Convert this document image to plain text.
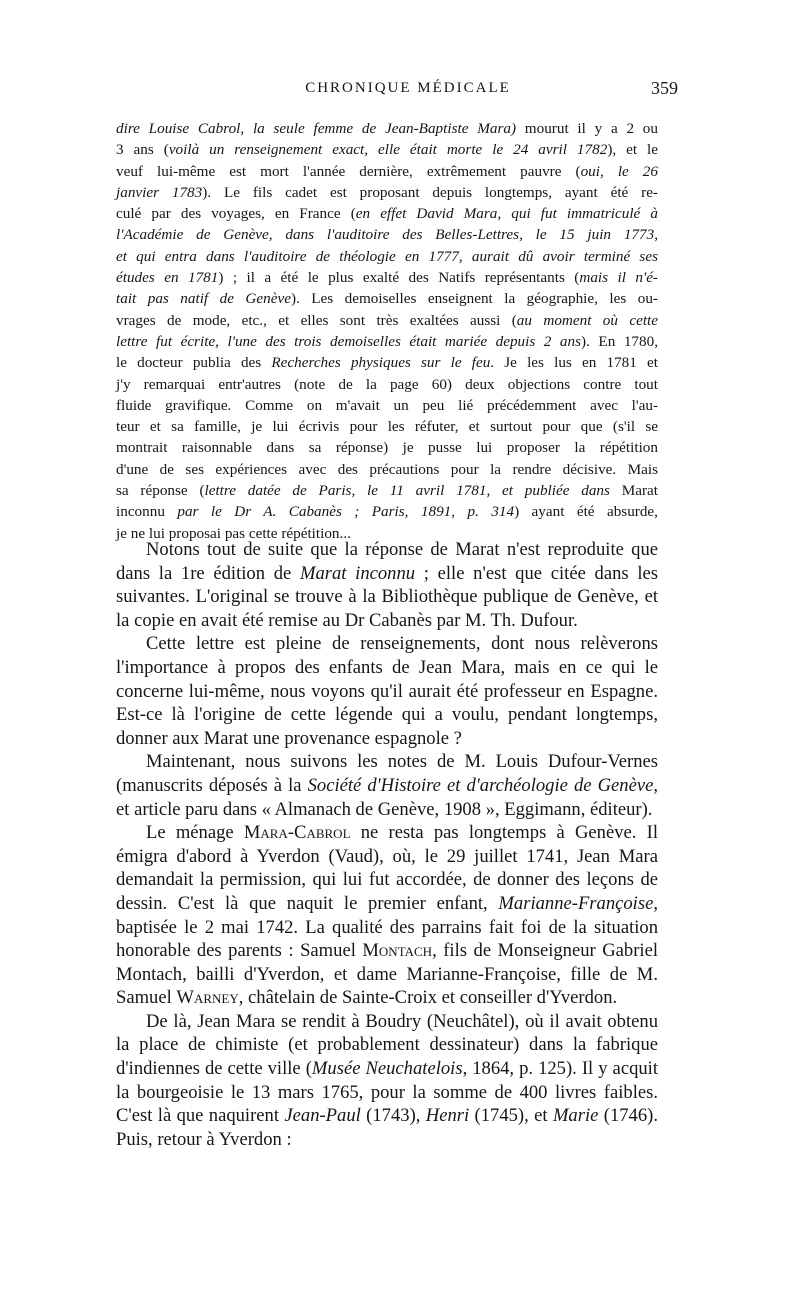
CHRONIQUE MÉDICALE	359

dire Louise Cabrol, la seule femme de Jean-Baptiste Mara) mourut il y a 2 ou

3 ans (voilà un renseignement exact, elle était morte le 24 avril 1782), et le

veuf lui-même est mort l'année dernière, extrêmement pauvre (oui, le 26

janvier 1783). Le fils cadet est proposant depuis longtemps, ayant été re-

culé par des voyages, en France (en effet David Mara, qui fut immatriculé à

l'Académie de Genève, dans l'auditoire des Belles-Lettres, le 15 juin 1773,

et qui entra dans l'auditoire de théologie en 1777, aurait dû avoir terminé ses

études en 1781) ; il a été le plus exalté des Natifs représentants (mais il n'é-

tait pas natif de Genève). Les demoiselles enseignent la géographie, les ou-

vrages de mode, etc., et elles sont très exaltées aussi (au moment où cette

lettre fut écrite, l'une des trois demoiselles était mariée depuis 2 ans). En 1780,

le docteur publia des Recherches physiques sur le feu. Je les lus en 1781 et

j'y remarquai entr'autres (note de la page 60) deux objections contre tout

fluide gravifique. Comme on m'avait un peu lié précédemment avec l'au-

teur et sa famille, je lui écrivis pour les réfuter, et surtout pour que (s'il se

montrait raisonnable dans sa réponse) je pusse lui proposer la répétition

d'une de ses expériences avec des précautions pour la rendre décisive. Mais

sa réponse (lettre datée de Paris, le 11 avril 1781, et publiée dans Marat

inconnu par le Dr A. Cabanès ; Paris, 1891, p. 314) ayant été absurde,

je ne lui proposai pas cette répétition...

Notons tout de suite que la réponse de Marat n'est reproduite que dans la 1re édition de Marat inconnu ; elle n'est que citée dans les suivantes. L'original se trouve à la Bibliothèque publique de Genève, et la copie en avait été remise au Dr Cabanès par M. Th. Dufour.

Cette lettre est pleine de renseignements, dont nous relèverons l'importance à propos des enfants de Jean Mara, mais en ce qui le concerne lui-même, nous voyons qu'il aurait été professeur en Espagne. Est-ce là l'origine de cette légende qui a voulu, pendant longtemps, donner aux Marat une provenance espagnole ?

Maintenant, nous suivons les notes de M. Louis Dufour-Vernes (manuscrits déposés à la Société d'Histoire et d'archéologie de Genève, et article paru dans « Almanach de Genève, 1908 », Eggimann, éditeur).

Le ménage Mara-Cabrol ne resta pas longtemps à Genève. Il émigra d'abord à Yverdon (Vaud), où, le 29 juillet 1741, Jean Mara demandait la permission, qui lui fut accordée, de donner des leçons de dessin. C'est là que naquit le premier enfant, Marianne-Françoise, baptisée le 2 mai 1742. La qualité des parrains fait foi de la situation honorable des parents : Samuel Montach, fils de Monseigneur Gabriel Montach, bailli d'Yverdon, et dame Marianne-Françoise, fille de M. Samuel Warney, châtelain de Sainte-Croix et conseiller d'Yverdon.

De là, Jean Mara se rendit à Boudry (Neuchâtel), où il avait obtenu la place de chimiste (et probablement dessinateur) dans la fabrique d'indiennes de cette ville (Musée Neuchatelois, 1864, p. 125). Il y acquit la bourgeoisie le 13 mars 1765, pour la somme de 400 livres faibles. C'est là que naquirent Jean-Paul (1743), Henri (1745), et Marie (1746). Puis, retour à Yverdon :
